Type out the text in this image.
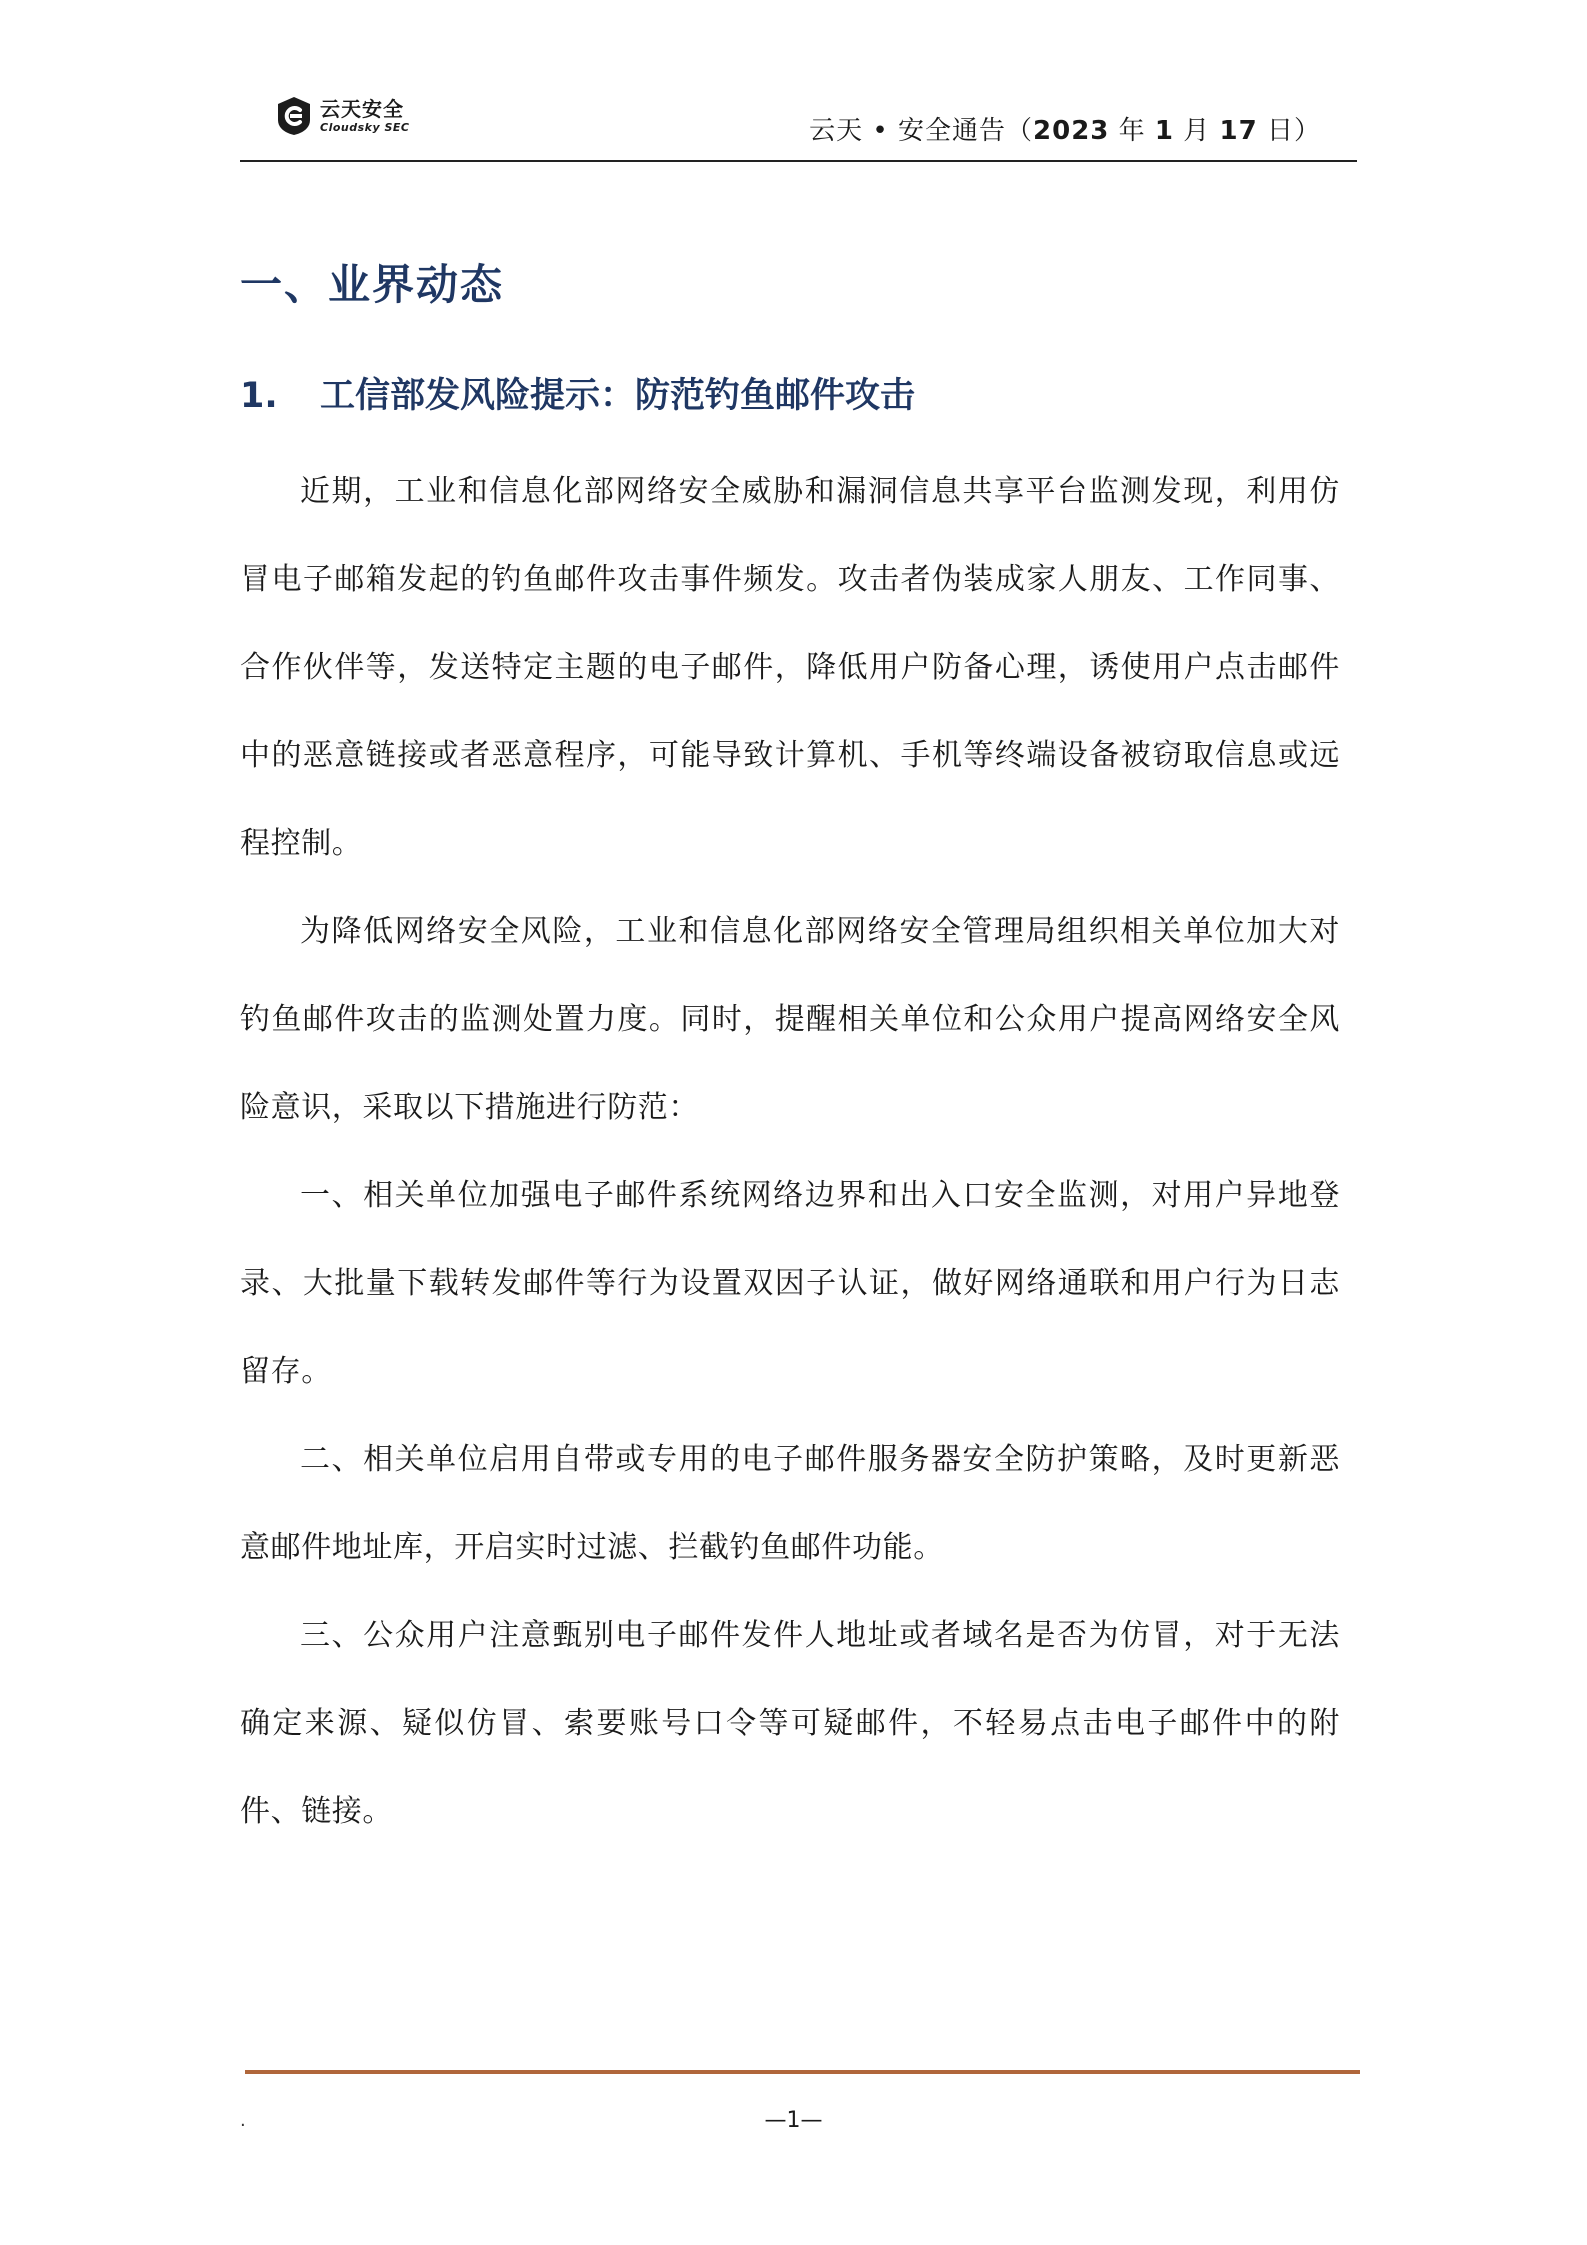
云天安全
Cloudsky SEC	云天 • 安全通告（2023 年 1 月 17 日）
一、业界动态
1. 工信部发风险提示：防范钓鱼邮件攻击

近期，工业和信息化部网络安全威胁和漏洞信息共享平台监测发现，利用仿冒电子邮箱发起的钓鱼邮件攻击事件频发。攻击者伪装成家人朋友、工作同事、合作伙伴等，发送特定主题的电子邮件，降低用户防备心理，诱使用户点击邮件中的恶意链接或者恶意程序，可能导致计算机、手机等终端设备被窃取信息或远程控制。

为降低网络安全风险，工业和信息化部网络安全管理局组织相关单位加大对钓鱼邮件攻击的监测处置力度。同时，提醒相关单位和公众用户提高网络安全风险意识，采取以下措施进行防范：

一、相关单位加强电子邮件系统网络边界和出入口安全监测，对用户异地登录、大批量下载转发邮件等行为设置双因子认证，做好网络通联和用户行为日志留存。

二、相关单位启用自带或专用的电子邮件服务器安全防护策略，及时更新恶意邮件地址库，开启实时过滤、拦截钓鱼邮件功能。

三、公众用户注意甄别电子邮件发件人地址或者域名是否为仿冒，对于无法确定来源、疑似仿冒、索要账号口令等可疑邮件，不轻易点击电子邮件中的附件、链接。

.	—1—
